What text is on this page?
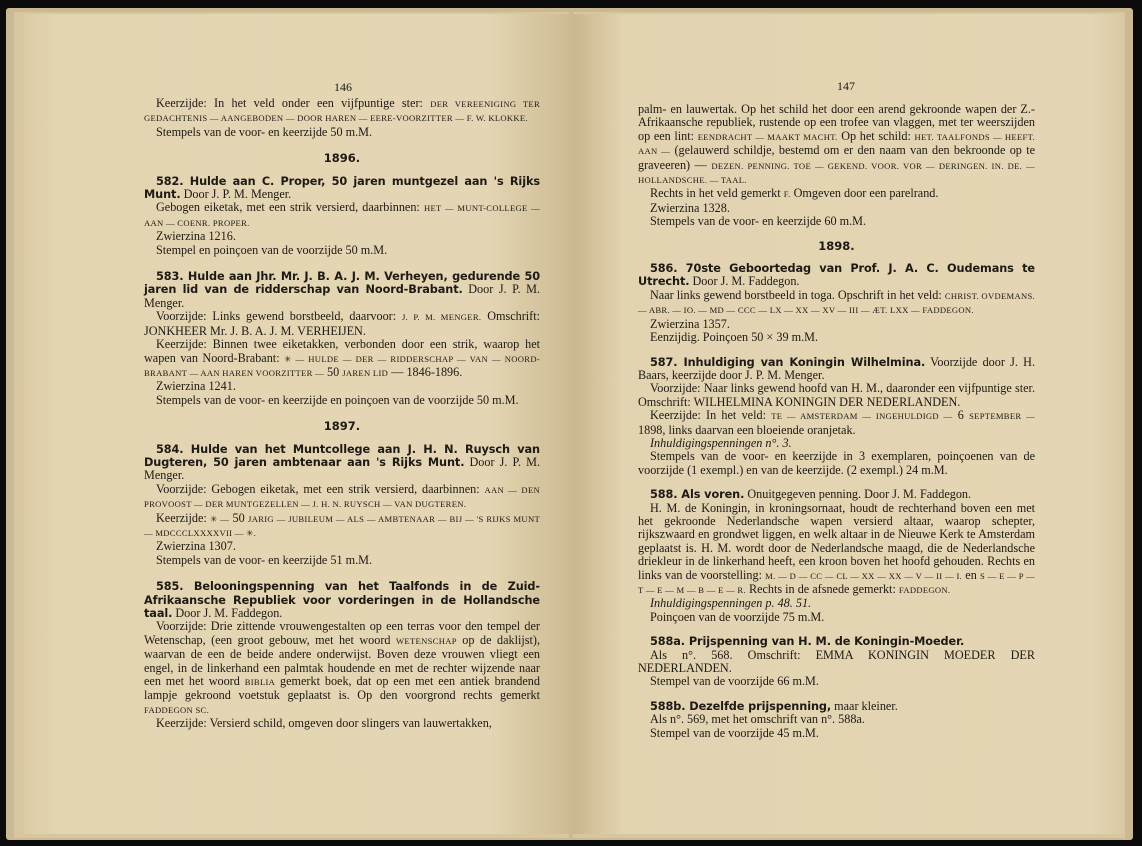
146

Keerzijde: In het veld onder een vijfpuntige ster: DER VEREENIGING TER GEDACHTENIS — AANGEBODEN — DOOR HAREN — EERE-VOORZITTER — F. W. KLOKKE.

Stempels van de voor- en keerzijde 50 m.M.

1896.

582. Hulde aan C. Proper, 50 jaren muntgezel aan 's Rijks Munt. Door J. P. M. Menger.

Gebogen eiketak, met een strik versierd, daarbinnen: HET — MUNT-COLLEGE — AAN — COENR. PROPER.

Zwierzina 1216.

Stempel en poinçoen van de voorzijde 50 m.M.

583. Hulde aan Jhr. Mr. J. B. A. J. M. Verheyen, gedurende 50 jaren lid van de ridderschap van Noord-Brabant. Door J. P. M. Menger.

Voorzijde: Links gewend borstbeeld, daarvoor: J. P. M. MENGER. Omschrift: JONKHEER Mr. J. B. A. J. M. VERHEIJEN.

Keerzijde: Binnen twee eiketakken, verbonden door een strik, waarop het wapen van Noord-Brabant: ✳ — HULDE — DER — RIDDERSCHAP — VAN — NOORD-BRABANT — AAN HAREN VOORZITTER — 50 JAREN LID — 1846-1896.

Zwierzina 1241.

Stempels van de voor- en keerzijde en poinçoen van de voorzijde 50 m.M.

1897.

584. Hulde van het Muntcollege aan J. H. N. Ruysch van Dugteren, 50 jaren ambtenaar aan 's Rijks Munt. Door J. P. M. Menger.

Voorzijde: Gebogen eiketak, met een strik versierd, daarbinnen: AAN — DEN PROVOOST — DER MUNTGEZELLEN — J. H. N. RUYSCH — VAN DUGTEREN.

Keerzijde: ✳ — 50 JARIG — JUBILEUM — ALS — AMBTENAAR — BIJ — 'S RIJKS MUNT — MDCCCLXXXXVII — ✳.

Zwierzina 1307.

Stempels van de voor- en keerzijde 51 m.M.

585. Belooningspenning van het Taalfonds in de Zuid-Afrikaansche Republiek voor vorderingen in de Hollandsche taal. Door J. M. Faddegon.

Voorzijde: Drie zittende vrouwengestalten op een terras voor den tempel der Wetenschap, (een groot gebouw, met het woord WETENSCHAP op de daklijst), waarvan de een de beide andere onderwijst. Boven deze vrouwen vliegt een engel, in de linkerhand een palmtak houdende en met de rechter wijzende naar een met het woord BIBLIA gemerkt boek, dat op een met een antiek brandend lampje gekroond voetstuk geplaatst is. Op den voorgrond rechts gemerkt FADDEGON SC.

Keerzijde: Versierd schild, omgeven door slingers van lauwertakken,

147

palm- en lauwertak. Op het schild het door een arend gekroonde wapen der Z.-Afrikaansche republiek, rustende op een trofee van vlaggen, met ter weerszijden op een lint: EENDRACHT — MAAKT MACHT. Op het schild: HET. TAALFONDS — HEEFT. AAN — (gelauwerd schildje, bestemd om er den naam van den bekroonde op te graveeren) — DEZEN. PENNING. TOE — GEKEND. VOOR. VOR — DERINGEN. IN. DE. — HOLLANDSCHE. — TAAL.

Rechts in het veld gemerkt F. Omgeven door een parelrand.

Zwierzina 1328.

Stempels van de voor- en keerzijde 60 m.M.

1898.

586. 70ste Geboortedag van Prof. J. A. C. Oudemans te Utrecht. Door J. M. Faddegon.

Naar links gewend borstbeeld in toga. Opschrift in het veld: CHRIST. OVDEMANS. — ABR. — IO. — MD — CCC — LX — XX — XV — III — ÆT. LXX — FADDEGON.

Zwierzina 1357.

Eenzijdig. Poinçoen 50 × 39 m.M.

587. Inhuldiging van Koningin Wilhelmina. Voorzijde door J. H. Baars, keerzijde door J. P. M. Menger.

Voorzijde: Naar links gewend hoofd van H. M., daaronder een vijfpuntige ster. Omschrift: WILHELMINA KONINGIN DER NEDERLANDEN.

Keerzijde: In het veld: TE — AMSTERDAM — INGEHULDIGD — 6 SEPTEMBER — 1898, links daarvan een bloeiende oranjetak.

Inhuldigingspenningen n°. 3.

Stempels van de voor- en keerzijde in 3 exemplaren, poinçoenen van de voorzijde (1 exempl.) en van de keerzijde. (2 exempl.) 24 m.M.

588. Als voren. Onuitgegeven penning. Door J. M. Faddegon.

H. M. de Koningin, in kroningsornaat, houdt de rechterhand boven een met het gekroonde Nederlandsche wapen versierd altaar, waarop schepter, rijkszwaard en grondwet liggen, en welk altaar in de Nieuwe Kerk te Amsterdam geplaatst is. H. M. wordt door de Nederlandsche maagd, die de Nederlandsche driekleur in de linkerhand heeft, een kroon boven het hoofd gehouden. Rechts en links van de voorstelling: M. — D — CC — CL — XX — XX — V — II — I. en S — E — P — T — E — M — B — E — R. Rechts in de afsnede gemerkt: FADDEGON.

Inhuldigingspenningen p. 48. 51.

Poinçoen van de voorzijde 75 m.M.

588a. Prijspenning van H. M. de Koningin-Moeder.

Als n°. 568. Omschrift: EMMA KONINGIN MOEDER DER NEDERLANDEN.

Stempel van de voorzijde 66 m.M.

588b. Dezelfde prijspenning, maar kleiner.

Als n°. 569, met het omschrift van n°. 588a.

Stempel van de voorzijde 45 m.M.
